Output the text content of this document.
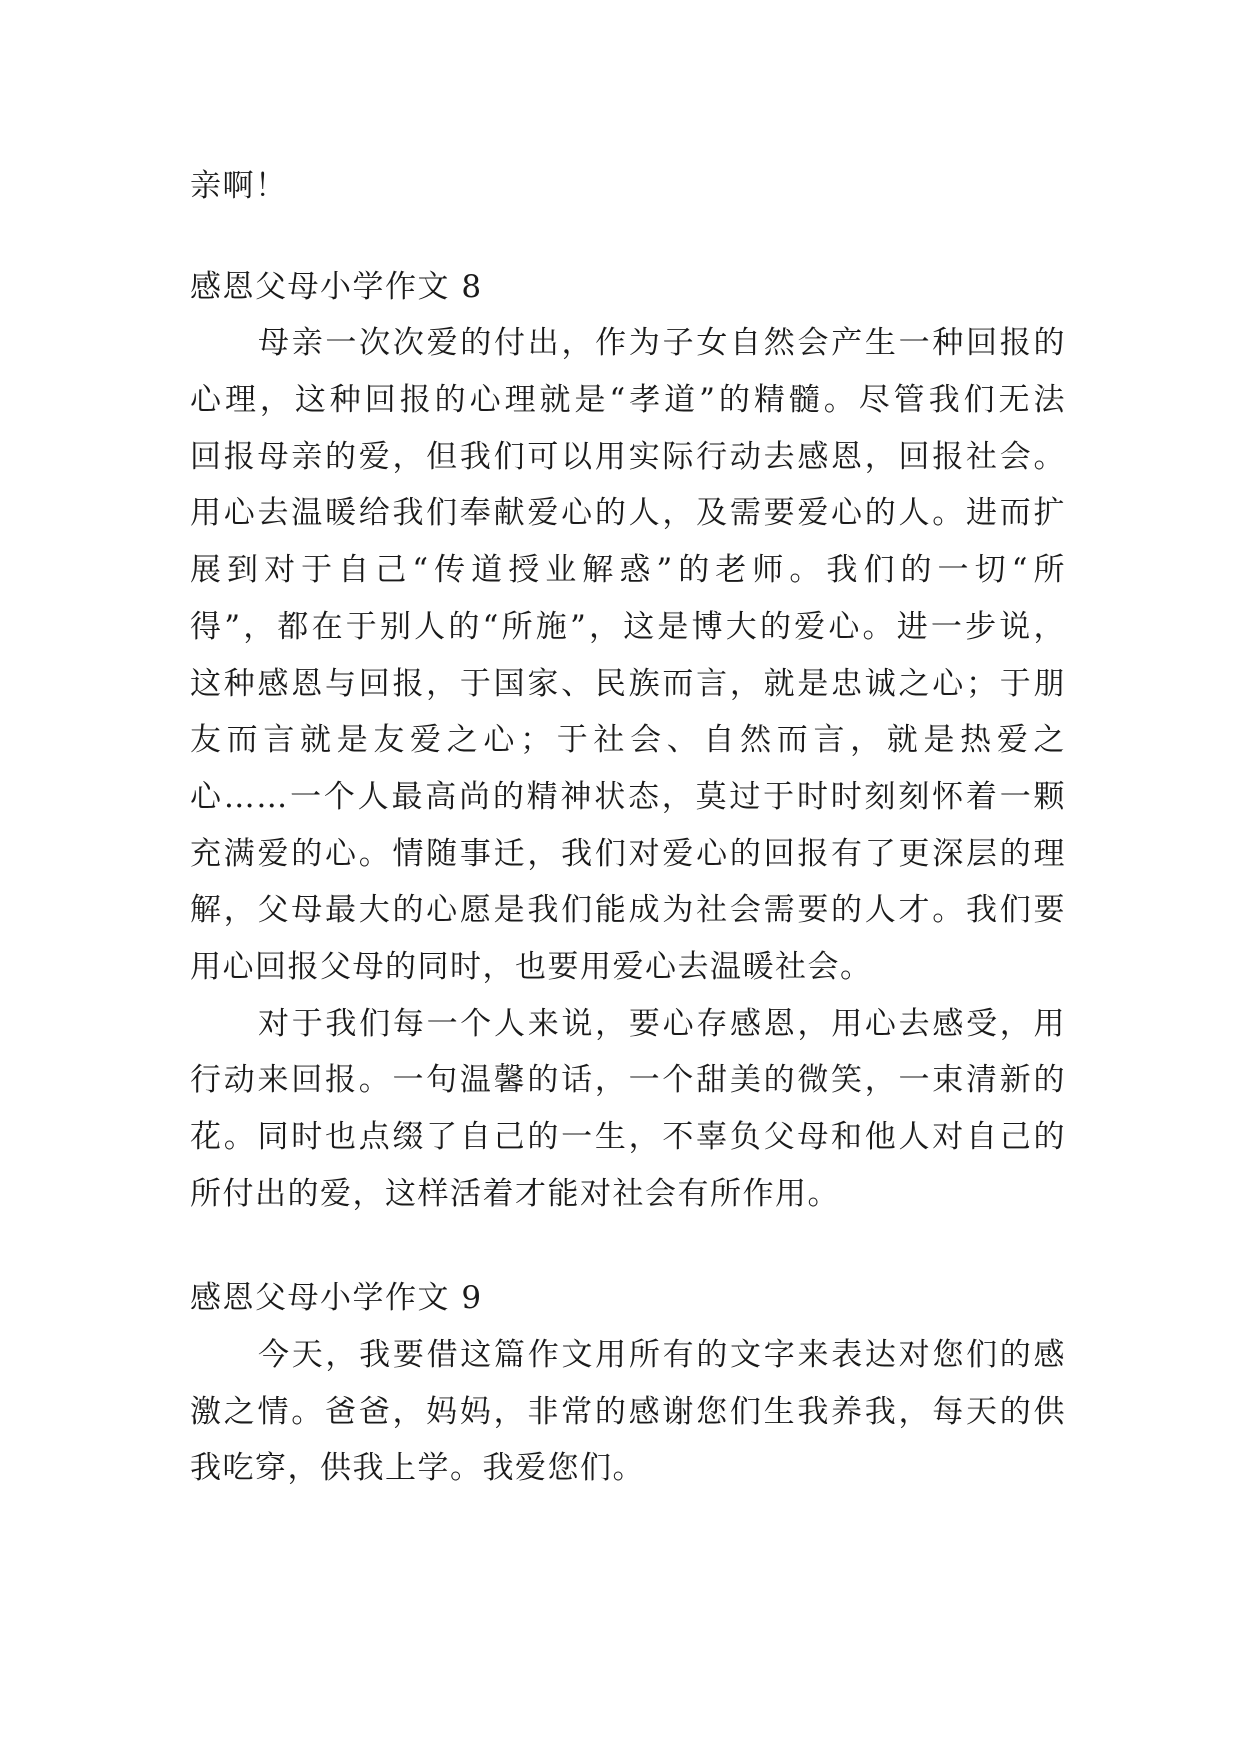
亲啊！
感恩父母小学作文 8
母亲一次次爱的付出，作为子女自然会产生一种回报的
心理，这种回报的心理就是“孝道”的精髓。尽管我们无法
回报母亲的爱，但我们可以用实际行动去感恩，回报社会。
用心去温暖给我们奉献爱心的人，及需要爱心的人。进而扩
展到对于自己“传道授业解惑”的老师。我们的一切“所
得”，都在于别人的“所施”，这是博大的爱心。进一步说，
这种感恩与回报，于国家、民族而言，就是忠诚之心；于朋
友而言就是友爱之心；于社会、自然而言，就是热爱之
心……一个人最高尚的精神状态，莫过于时时刻刻怀着一颗
充满爱的心。情随事迁，我们对爱心的回报有了更深层的理
解，父母最大的心愿是我们能成为社会需要的人才。我们要
用心回报父母的同时，也要用爱心去温暖社会。
对于我们每一个人来说，要心存感恩，用心去感受，用
行动来回报。一句温馨的话，一个甜美的微笑，一束清新的
花。同时也点缀了自己的一生，不辜负父母和他人对自己的
所付出的爱，这样活着才能对社会有所作用。
感恩父母小学作文 9
今天，我要借这篇作文用所有的文字来表达对您们的感
激之情。爸爸，妈妈，非常的感谢您们生我养我，每天的供
我吃穿，供我上学。我爱您们。
